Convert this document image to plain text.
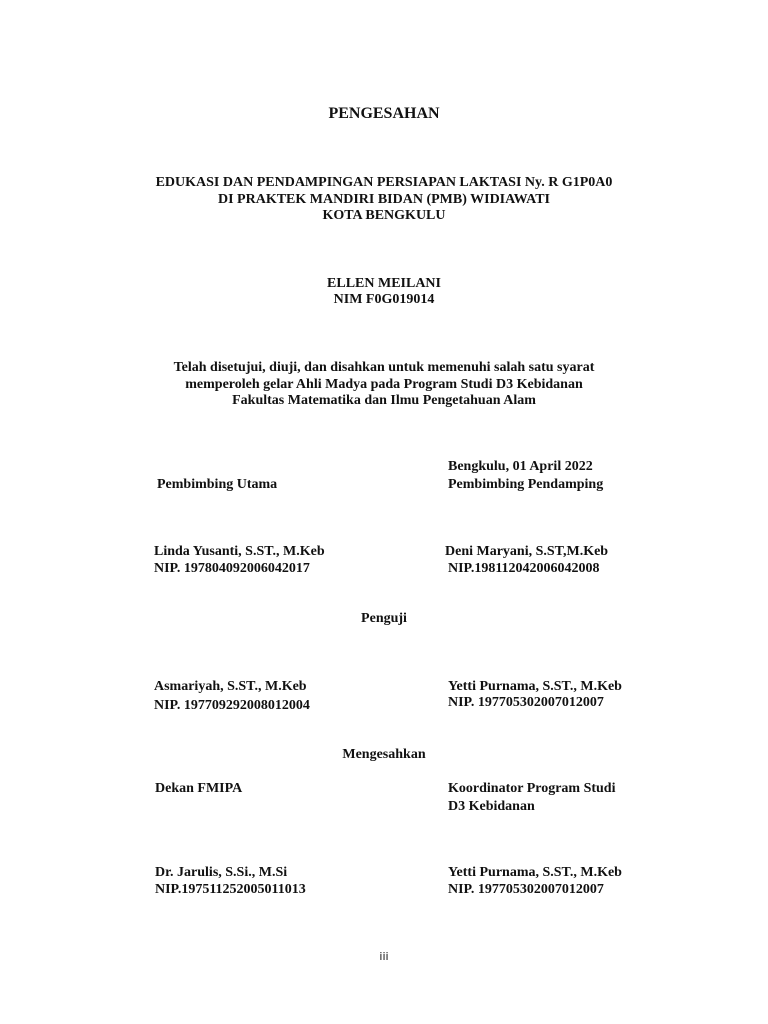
PENGESAHAN
EDUKASI DAN PENDAMPINGAN PERSIAPAN LAKTASI Ny. R G1P0A0
DI PRAKTEK MANDIRI BIDAN (PMB) WIDIAWATI
KOTA BENGKULU
ELLEN MEILANI
NIM F0G019014
Telah disetujui, diuji, dan disahkan untuk memenuhi salah satu syarat
memperoleh gelar Ahli Madya pada Program Studi D3 Kebidanan
Fakultas Matematika dan Ilmu Pengetahuan Alam
Bengkulu, 01 April 2022
Pembimbing Utama	Pembimbing Pendamping
Linda Yusanti, S.ST., M.Keb
NIP. 197804092006042017
Deni Maryani, S.ST,M.Keb
NIP.198112042006042008
Penguji
Asmariyah, S.ST., M.Keb
NIP. 197709292008012004
Yetti Purnama, S.ST., M.Keb
NIP. 197705302007012007
Mengesahkan
Dekan FMIPA	Koordinator Program Studi
D3 Kebidanan
Dr. Jarulis, S.Si., M.Si
NIP.197511252005011013
Yetti Purnama, S.ST., M.Keb
NIP. 197705302007012007
iii
